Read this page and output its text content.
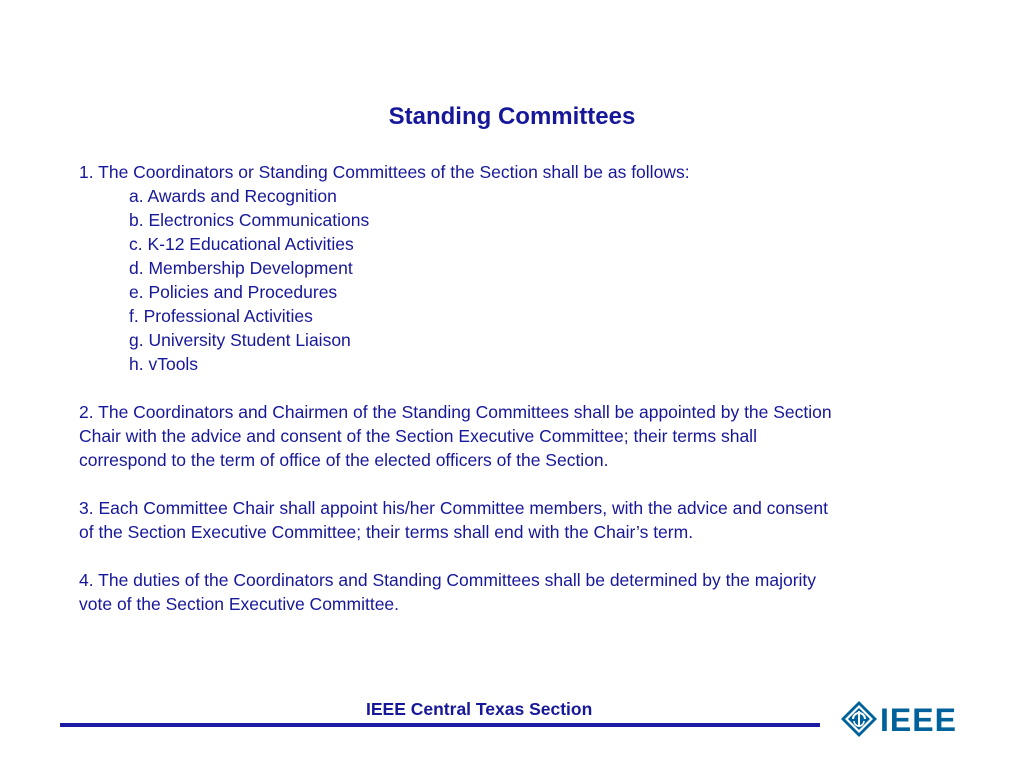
Standing Committees

1. The Coordinators or Standing Committees of the Section shall be as follows:

a. Awards and Recognition

b. Electronics Communications

c. K-12 Educational Activities

d. Membership Development

e. Policies and Procedures

f. Professional Activities

g. University Student Liaison

h. vTools

2. The Coordinators and Chairmen of the Standing Committees shall be appointed by the Section

Chair with the advice and consent of the Section Executive Committee; their terms shall

correspond to the term of office of the elected officers of the Section.

3. Each Committee Chair shall appoint his/her Committee members, with the advice and consent

of the Section Executive Committee; their terms shall end with the Chair’s term.

4. The duties of the Coordinators and Standing Committees shall be determined by the majority

vote of the Section Executive Committee.

IEEE Central Texas Section	IEEE
